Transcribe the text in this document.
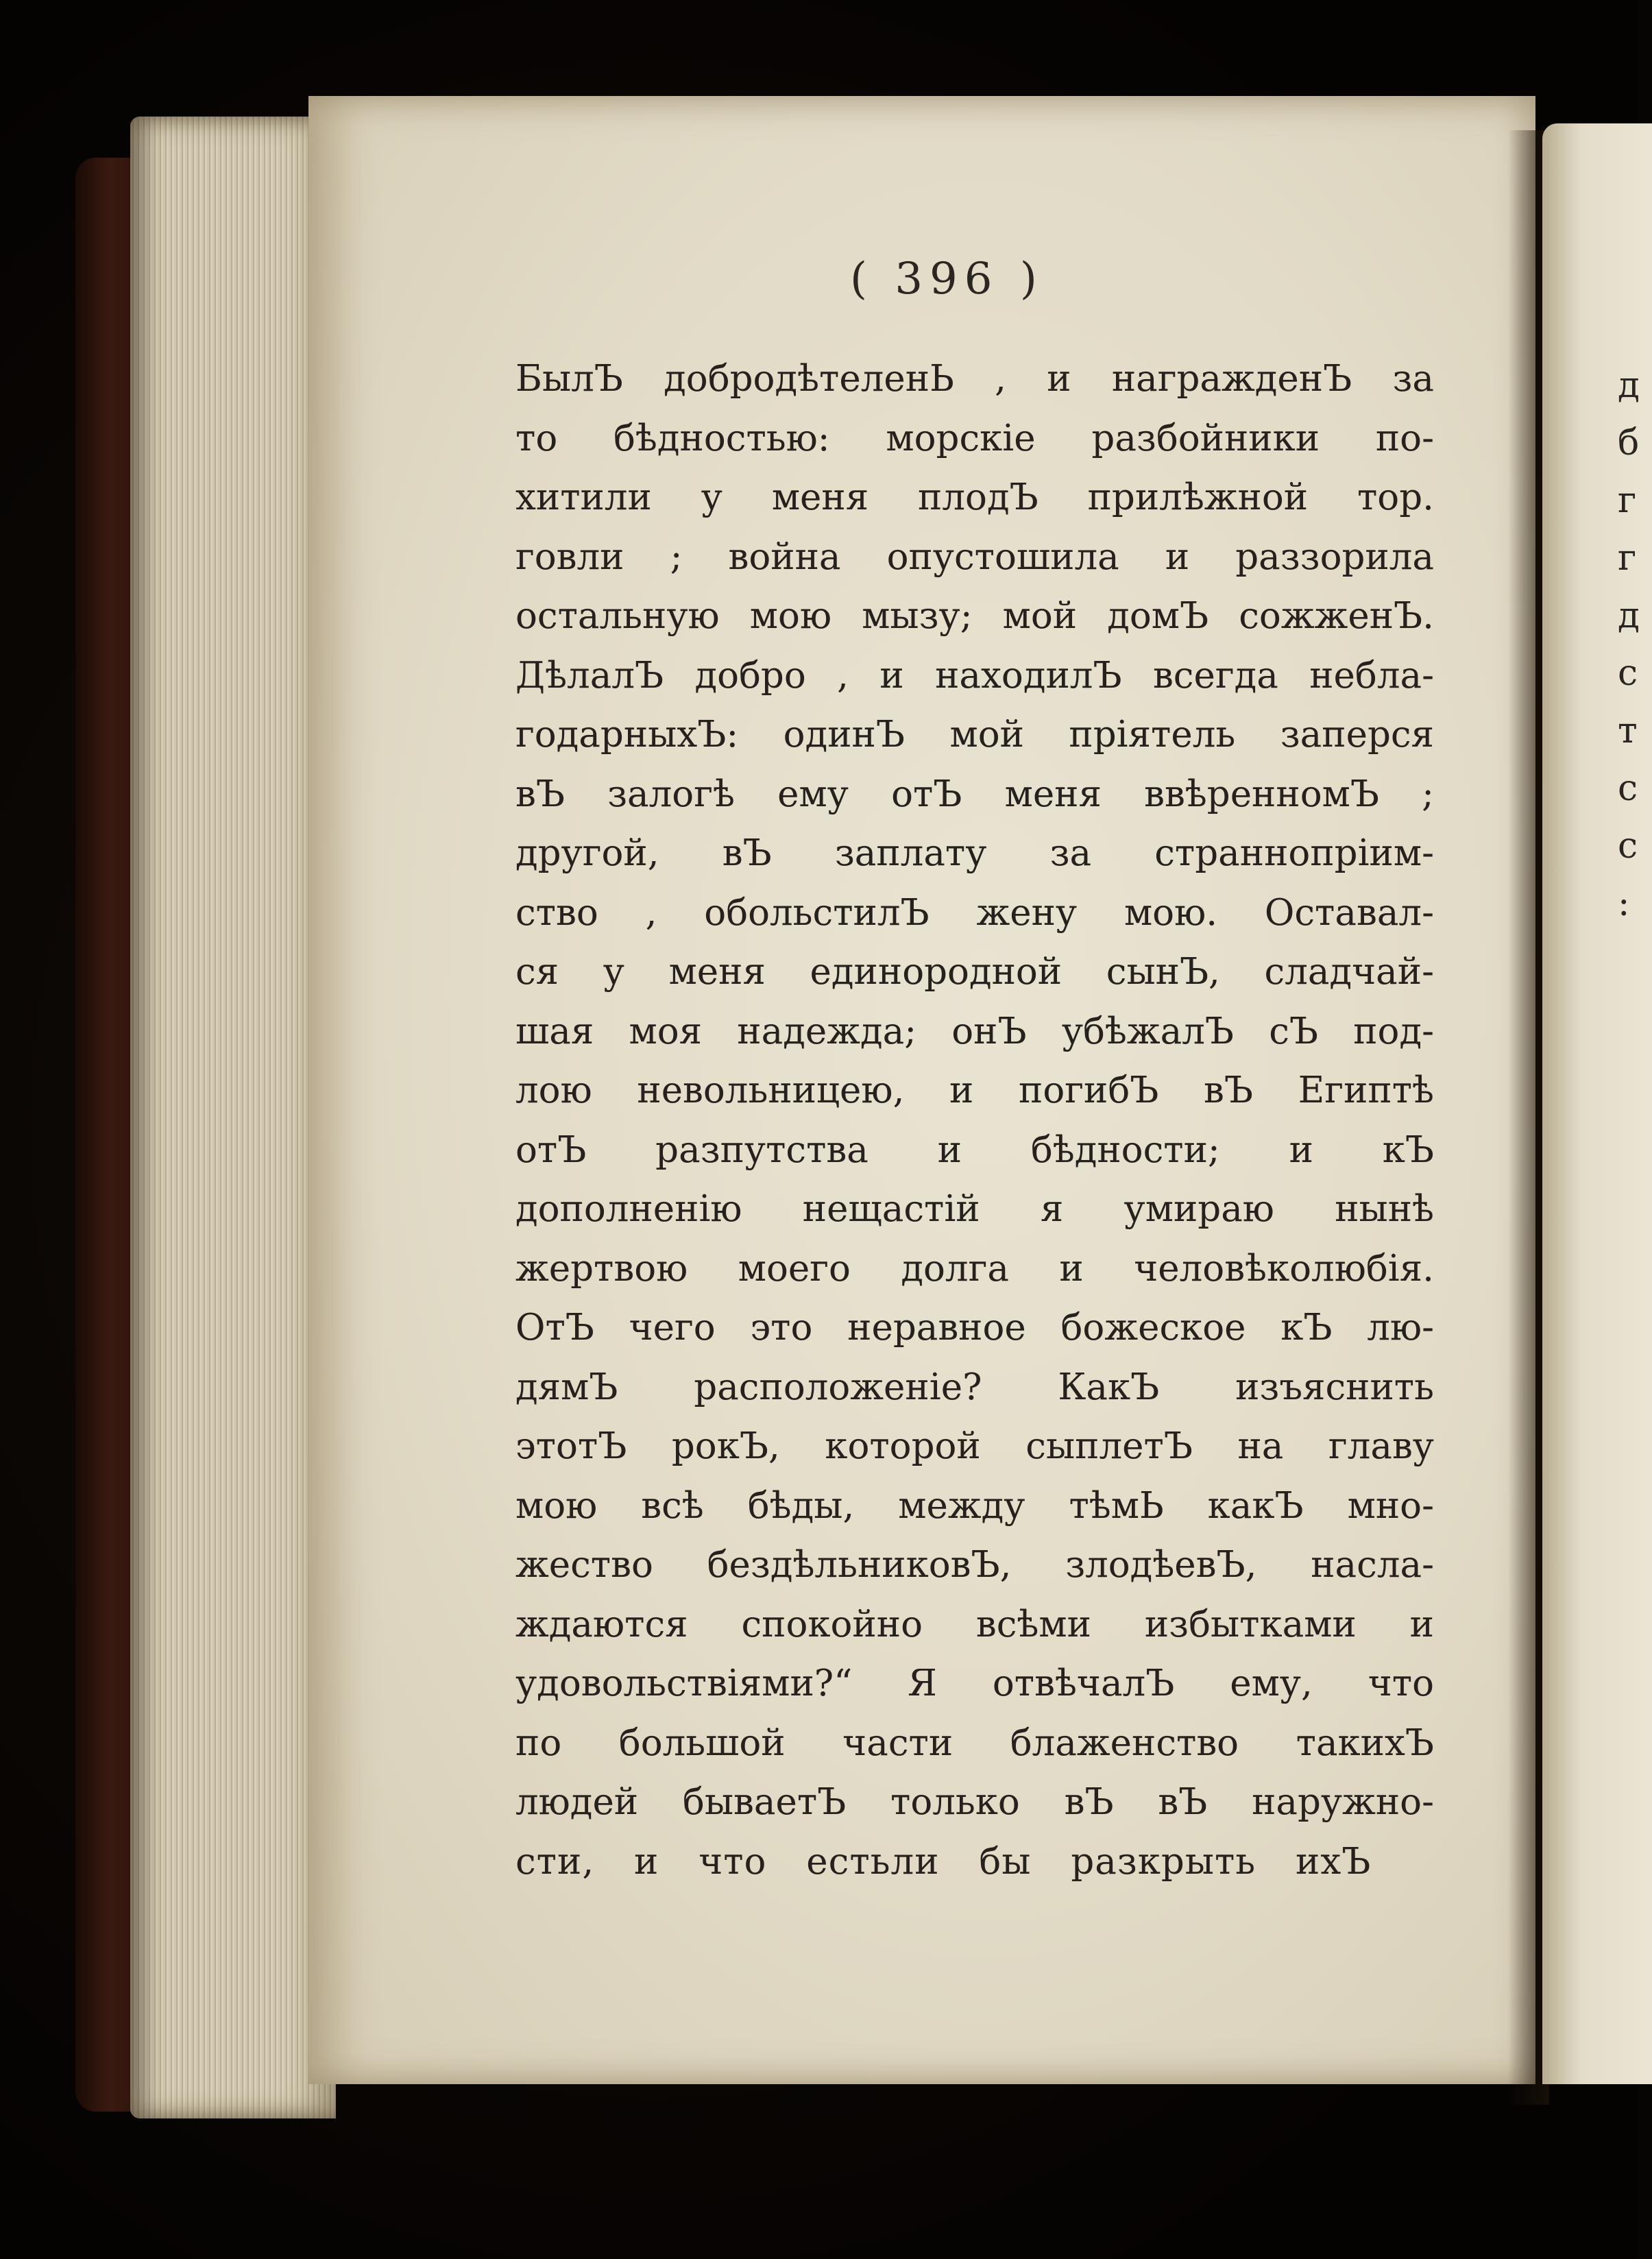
д
б
г
г
д
с
т
с
с
:
( 396 )
БылЪ добродѣтеленЬ , и награжденЪ за
то бѣдностью: морскіе разбойники по-
хитили у меня плодЪ прилѣжной тор.
говли ; война опустошила и раззорила
остальную мою мызу; мой домЪ сожженЪ.
ДѣлалЪ добро , и находилЪ всегда небла-
годарныхЪ: одинЪ мой пріятель заперся
вЪ залогѣ ему отЪ меня ввѣренномЪ ;
другой, вЪ заплату за страннопріим-
ство , обольстилЪ жену мою. Оставал-
ся у меня единородной сынЪ, сладчай-
шая моя надежда; онЪ убѣжалЪ сЪ под-
лою невольницею, и погибЪ вЪ Египтѣ
отЪ разпутства и бѣдности; и кЪ
дополненію нещастій я умираю нынѣ
жертвою моего долга и человѣколюбія.
ОтЪ чего это неравное божеское кЪ лю-
дямЪ расположеніе? КакЪ изъяснить
этотЪ рокЪ, которой сыплетЪ на главу
мою всѣ бѣды, между тѣмЬ какЪ мно-
жество бездѣльниковЪ, злодѣевЪ, насла-
ждаются спокойно всѣми избытками и
удовольствіями?“ Я отвѣчалЪ ему, что
по большой части блаженство такихЪ
людей бываетЪ только вЪ вЪ наружно-
сти, и что естьли бы разкрыть ихЪ
